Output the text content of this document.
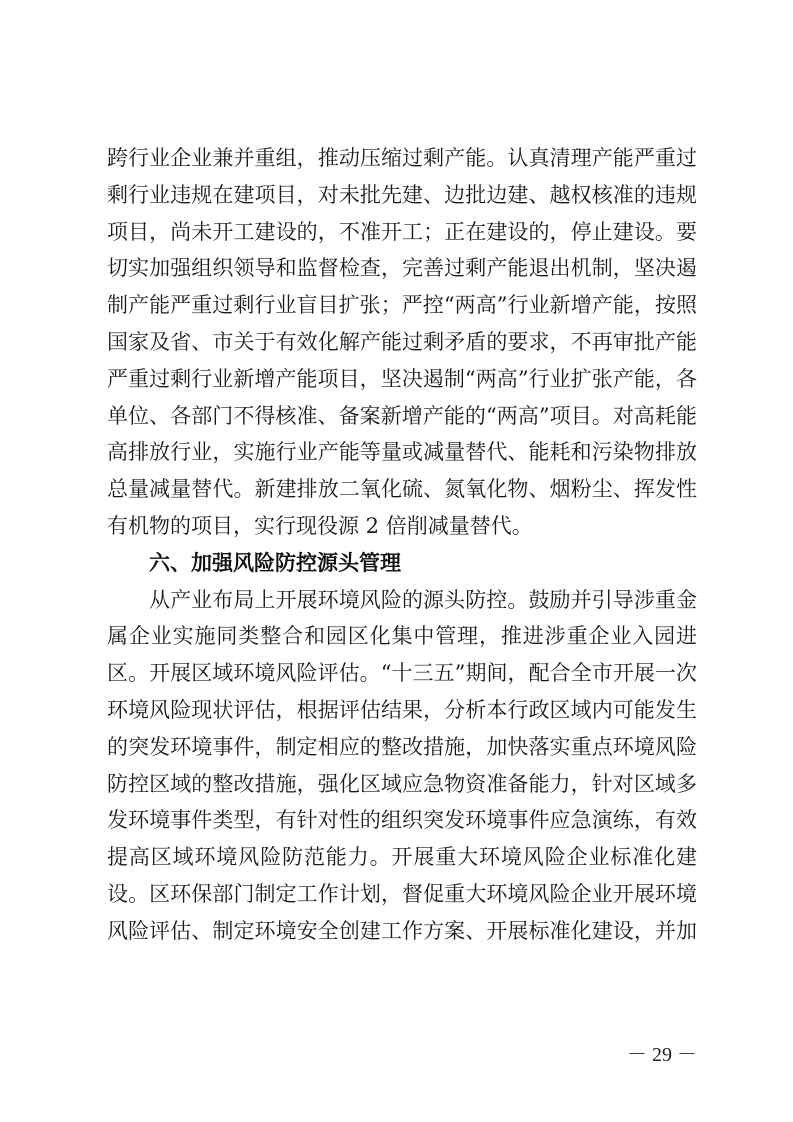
跨行业企业兼并重组，推动压缩过剩产能。认真清理产能严重过
剩行业违规在建项目，对未批先建、边批边建、越权核准的违规
项目，尚未开工建设的，不准开工；正在建设的，停止建设。要
切实加强组织领导和监督检查，完善过剩产能退出机制，坚决遏
制产能严重过剩行业盲目扩张；严控“两高”行业新增产能，按照
国家及省、市关于有效化解产能过剩矛盾的要求，不再审批产能
严重过剩行业新增产能项目，坚决遏制“两高”行业扩张产能，各
单位、各部门不得核准、备案新增产能的“两高”项目。对高耗能
高排放行业，实施行业产能等量或减量替代、能耗和污染物排放
总量减量替代。新建排放二氧化硫、氮氧化物、烟粉尘、挥发性
有机物的项目，实行现役源 2 倍削减量替代。
六、加强风险防控源头管理
从产业布局上开展环境风险的源头防控。鼓励并引导涉重金
属企业实施同类整合和园区化集中管理，推进涉重企业入园进
区。开展区域环境风险评估。“十三五”期间，配合全市开展一次
环境风险现状评估，根据评估结果，分析本行政区域内可能发生
的突发环境事件，制定相应的整改措施，加快落实重点环境风险
防控区域的整改措施，强化区域应急物资准备能力，针对区域多
发环境事件类型，有针对性的组织突发环境事件应急演练，有效
提高区域环境风险防范能力。开展重大环境风险企业标准化建
设。区环保部门制定工作计划，督促重大环境风险企业开展环境
风险评估、制定环境安全创建工作方案、开展标准化建设，并加
－ 29 －
